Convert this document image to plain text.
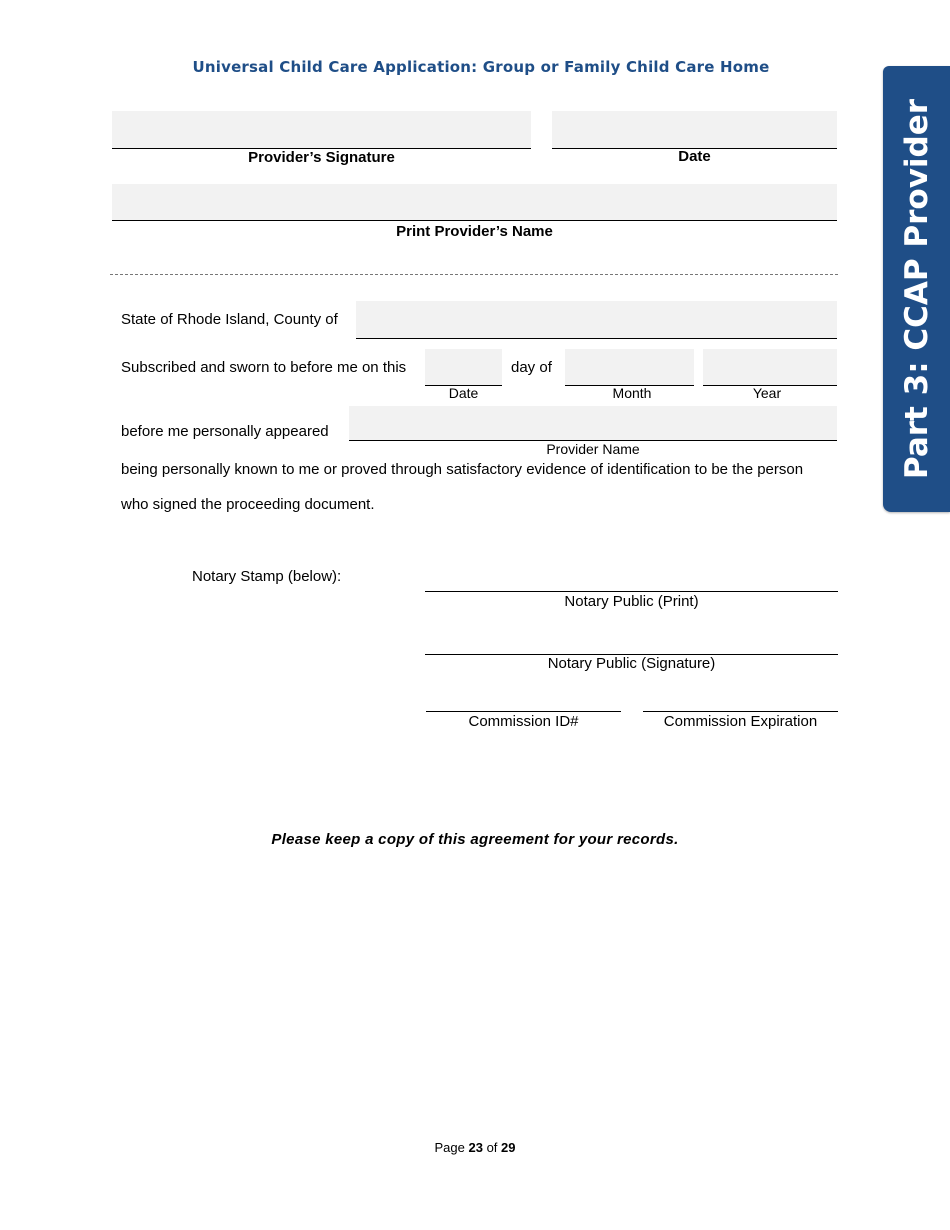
Universal Child Care Application: Group or Family Child Care Home
Part 3: CCAP Provider
Provider’s Signature	Date
Print Provider’s Name
State of Rhode Island, County of
Subscribed and sworn to before me on this	day of
Date	Month	Year
before me personally appeared
Provider Name
being personally known to me or proved through satisfactory evidence of identification to be the person
who signed the proceeding document.
Notary Stamp (below):
Notary Public (Print)
Notary Public (Signature)
Commission ID#	Commission Expiration
Please keep a copy of this agreement for your records.
Page 23 of 29
